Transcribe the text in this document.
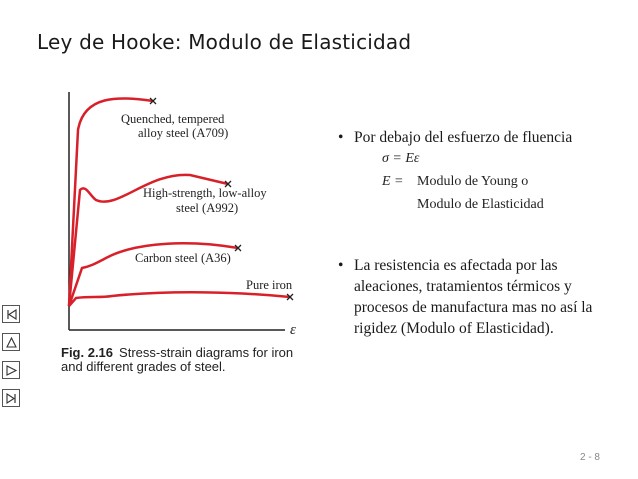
Ley de Hooke: Modulo de Elasticidad
ε
Quenched, tempered
alloy steel (A709)
High-strength, low-alloy
steel (A992)
Carbon steel (A36)
Pure iron
Fig. 2.16 Stress-strain diagrams for iron and different grades of steel.
• Por debajo del esfuerzo de fluencia
σ = Eε
E = Modulo de Young o
Modulo de Elasticidad
• La resistencia es afectada por las aleaciones, tratamientos térmicos y procesos de manufactura mas no así la rigidez (Modulo of Elasticidad).
2 - 8
